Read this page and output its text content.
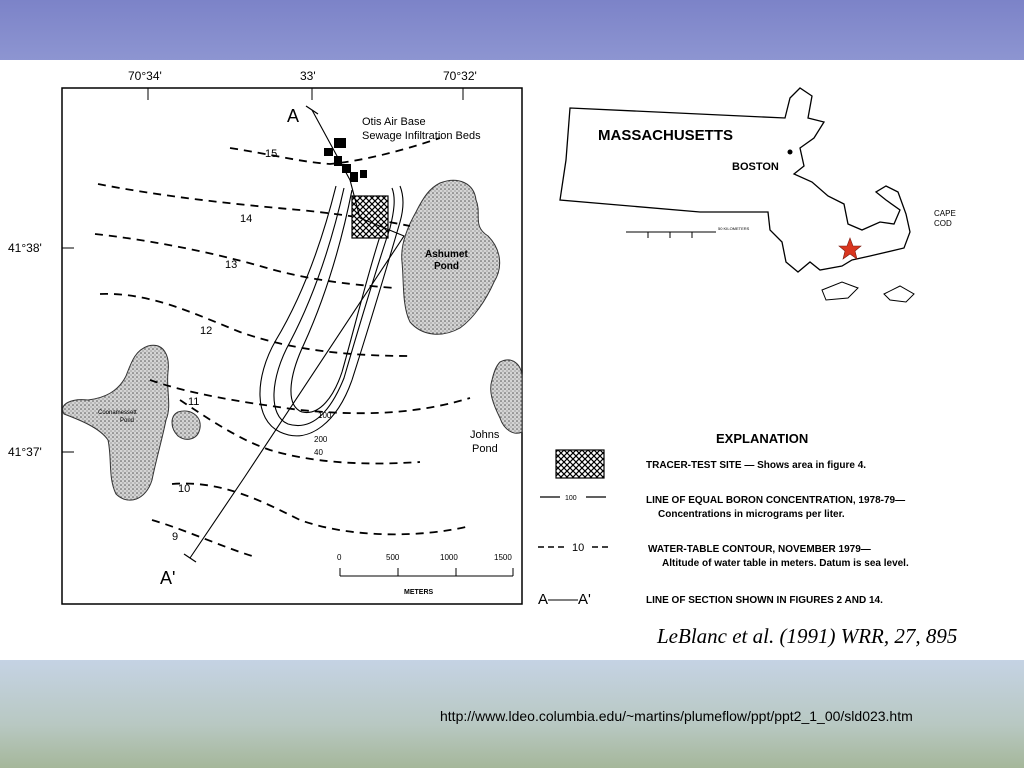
70°34'	33'	70°32'
41°38'
41°37'
15
14
13
12
11
10
9
100
200
40
Otis Air Base
Sewage Infiltration Beds
A
A'
Ashumet
Pond
Johns
Pond
Coonamessett
Pond
0	500	1000	1500
METERS
MASSACHUSETTS
BOSTON
CAPE
COD
50 KILOMETERS
EXPLANATION
TRACER-TEST SITE — Shows area in figure 4.
100	LINE OF EQUAL BORON CONCENTRATION, 1978-79—
Concentrations in micrograms per liter.
10	WATER-TABLE CONTOUR, NOVEMBER 1979—
Altitude of water table in meters. Datum is sea level.
A——A'	LINE OF SECTION SHOWN IN FIGURES 2 AND 14.
LeBlanc et al. (1991) WRR, 27, 895
http://www.ldeo.columbia.edu/~martins/plumeflow/ppt/ppt2_1_00/sld023.htm
